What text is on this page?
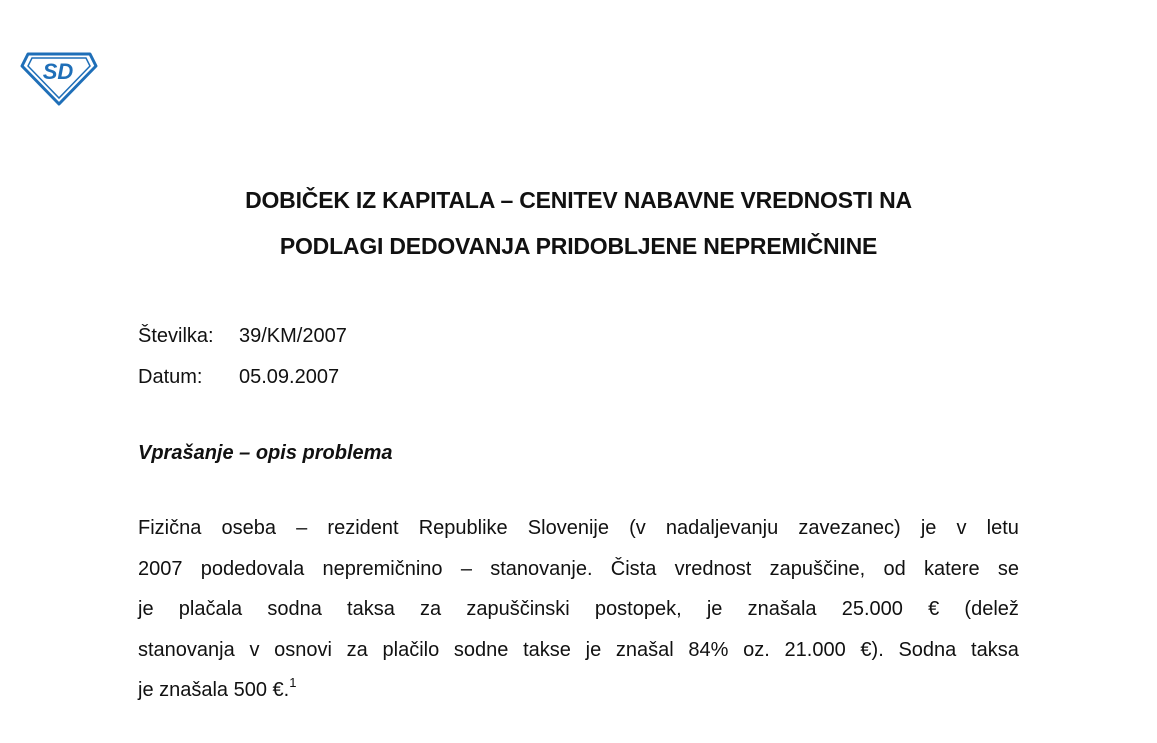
SD
DOBIČEK IZ KAPITALA – CENITEV NABAVNE VREDNOSTI NA
PODLAGI DEDOVANJA PRIDOBLJENE NEPREMIČNINE
Številka:	39/KM/2007
Datum:	05.09.2007
Vprašanje – opis problema

Fizična oseba – rezident Republike Slovenije (v nadaljevanju zavezanec) je v letu
2007 podedovala nepremičnino – stanovanje. Čista vrednost zapuščine, od katere se
je plačala sodna taksa za zapuščinski postopek, je znašala 25.000 € (delež
stanovanja v osnovi za plačilo sodne takse je znašal 84% oz. 21.000 €). Sodna taksa
je znašala 500 €.$^1$
